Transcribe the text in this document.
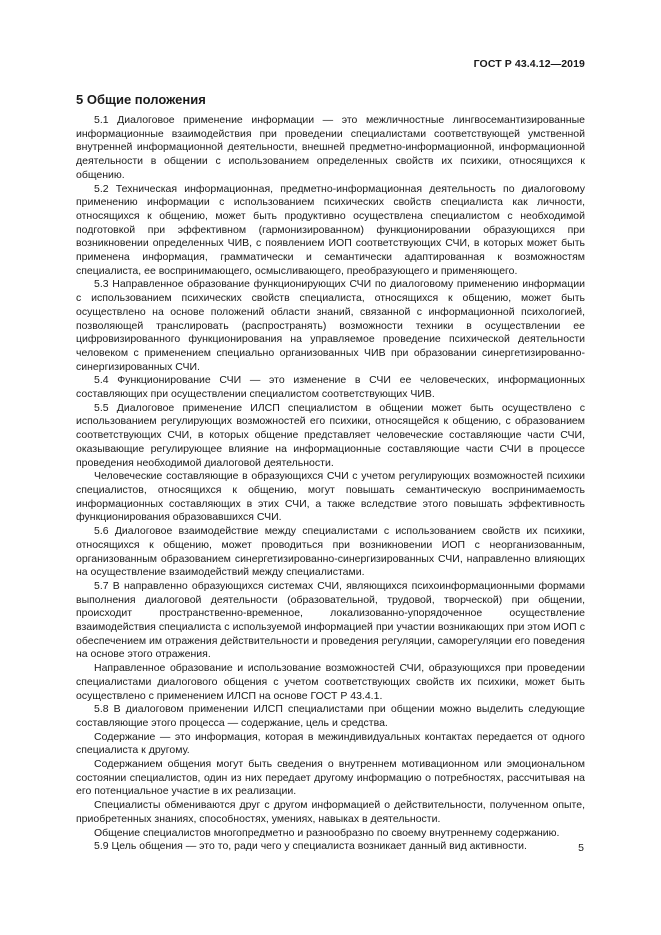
ГОСТ Р 43.4.12—2019
5 Общие положения

5.1 Диалоговое применение информации — это межличностные лингвосемантизированные информационные взаимодействия при проведении специалистами соответствующей умственной внутренней информационной деятельности, внешней предметно-информационной, информационной деятельности в общении с использованием определенных свойств их психики, относящихся к общению.

5.2 Техническая информационная, предметно-информационная деятельность по диалоговому применению информации с использованием психических свойств специалиста как личности, относящихся к общению, может быть продуктивно осуществлена специалистом с необходимой подготовкой при эффективном (гармонизированном) функционировании образующихся при возникновении определенных ЧИВ, с появлением ИОП соответствующих СЧИ, в которых может быть применена информация, грамматически и семантически адаптированная к возможностям специалиста, ее воспринимающего, осмысливающего, преобразующего и применяющего.

5.3 Направленное образование функционирующих СЧИ по диалоговому применению информации с использованием психических свойств специалиста, относящихся к общению, может быть осуществлено на основе положений области знаний, связанной с информационной психологией, позволяющей транслировать (распространять) возможности техники в осуществлении ее цифровизированного функционирования на управляемое проведение психической деятельности человеком с применением специально организованных ЧИВ при образовании синергетизированно-синергизированных СЧИ.

5.4 Функционирование СЧИ — это изменение в СЧИ ее человеческих, информационных составляющих при осуществлении специалистом соответствующих ЧИВ.

5.5 Диалоговое применение ИЛСП специалистом в общении может быть осуществлено с использованием регулирующих возможностей его психики, относящейся к общению, с образованием соответствующих СЧИ, в которых общение представляет человеческие составляющие части СЧИ, оказывающие регулирующее влияние на информационные составляющие части СЧИ в процессе проведения необходимой диалоговой деятельности.

Человеческие составляющие в образующихся СЧИ с учетом регулирующих возможностей психики специалистов, относящихся к общению, могут повышать семантическую воспринимаемость информационных составляющих в этих СЧИ, а также вследствие этого повышать эффективность функционирования образовавшихся СЧИ.

5.6 Диалоговое взаимодействие между специалистами с использованием свойств их психики, относящихся к общению, может проводиться при возникновении ИОП с неорганизованным, организованным образованием синергетизированно-синергизированных СЧИ, направленно влияющих на осуществление взаимодействий между специалистами.

5.7 В направленно образующихся системах СЧИ, являющихся психоинформационными формами выполнения диалоговой деятельности (образовательной, трудовой, творческой) при общении, происходит пространственно-временное, локализованно-упорядоченное осуществление взаимодействия специалиста с используемой информацией при участии возникающих при этом ИОП с обеспечением им отражения действительности и проведения регуляции, саморегуляции его поведения на основе этого отражения.

Направленное образование и использование возможностей СЧИ, образующихся при проведении специалистами диалогового общения с учетом соответствующих свойств их психики, может быть осуществлено с применением ИЛСП на основе ГОСТ Р 43.4.1.

5.8 В диалоговом применении ИЛСП специалистами при общении можно выделить следующие составляющие этого процесса — содержание, цель и средства.

Содержание — это информация, которая в межиндивидуальных контактах передается от одного специалиста к другому.

Содержанием общения могут быть сведения о внутреннем мотивационном или эмоциональном состоянии специалистов, один из них передает другому информацию о потребностях, рассчитывая на его потенциальное участие в их реализации.

Специалисты обмениваются друг с другом информацией о действительности, полученном опыте, приобретенных знаниях, способностях, умениях, навыках в деятельности.

Общение специалистов многопредметно и разнообразно по своему внутреннему содержанию.

5.9 Цель общения — это то, ради чего у специалиста возникает данный вид активности.	5
